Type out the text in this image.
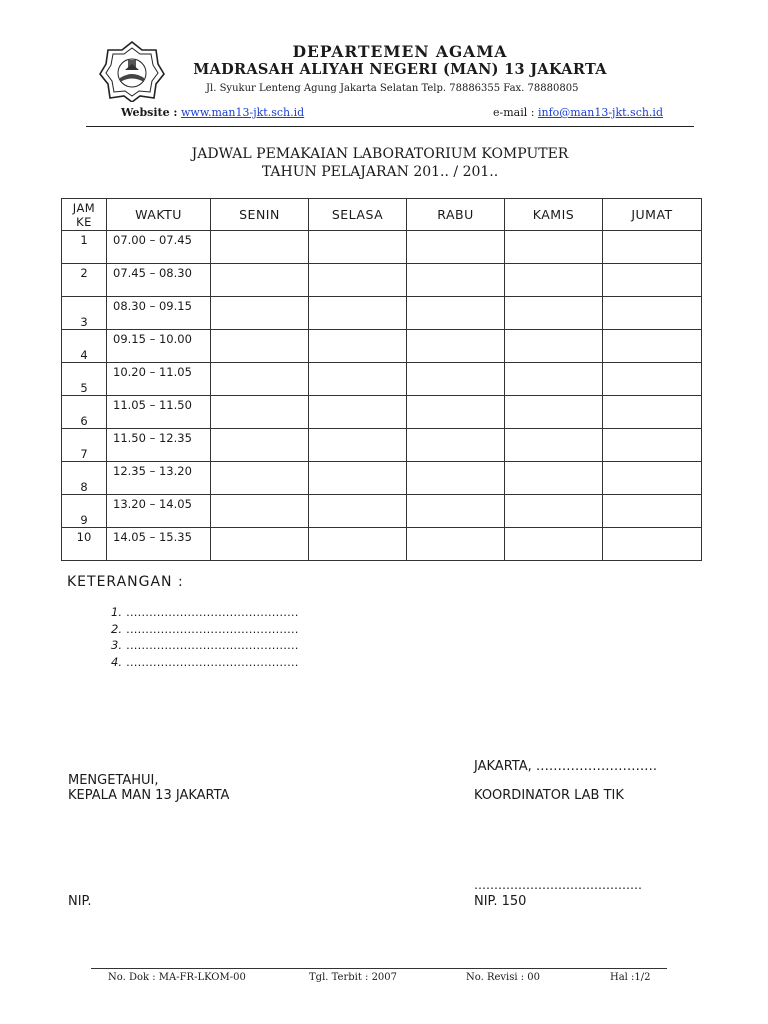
DEPARTEMEN AGAMA
MADRASAH ALIYAH NEGERI (MAN) 13 JAKARTA
Jl. Syukur Lenteng Agung Jakarta Selatan Telp. 78886355 Fax. 78880805
Website : www.man13-jkt.sch.id	e-mail : info@man13-jkt.sch.id
JADWAL PEMAKAIAN LABORATORIUM KOMPUTER
TAHUN PELAJARAN 201.. / 201..
JAM KE	WAKTU	SENIN	SELASA	RABU	KAMIS	JUMAT

1	07.00 – 07.45					

2	07.45 – 08.30					

3	08.30 – 09.15					

4	09.15 – 10.00					

5	10.20 – 11.05					

6	11.05 – 11.50					

7	11.50 – 12.35					

8	12.35 – 13.20					

9	13.20 – 14.05					

10	14.05 – 15.35					

KETERANGAN :
1. ………………………………………
2. ………………………………………
3. ………………………………………
4. ………………………………………
JAKARTA, ……………………….
MENGETAHUI,
KEPALA MAN 13 JAKARTA	KOORDINATOR LAB TIK
……………………………………
NIP.	NIP. 150
No. Dok : MA-FR-LKOM-00	Tgl. Terbit : 2007	No. Revisi : 00	Hal :1/2
